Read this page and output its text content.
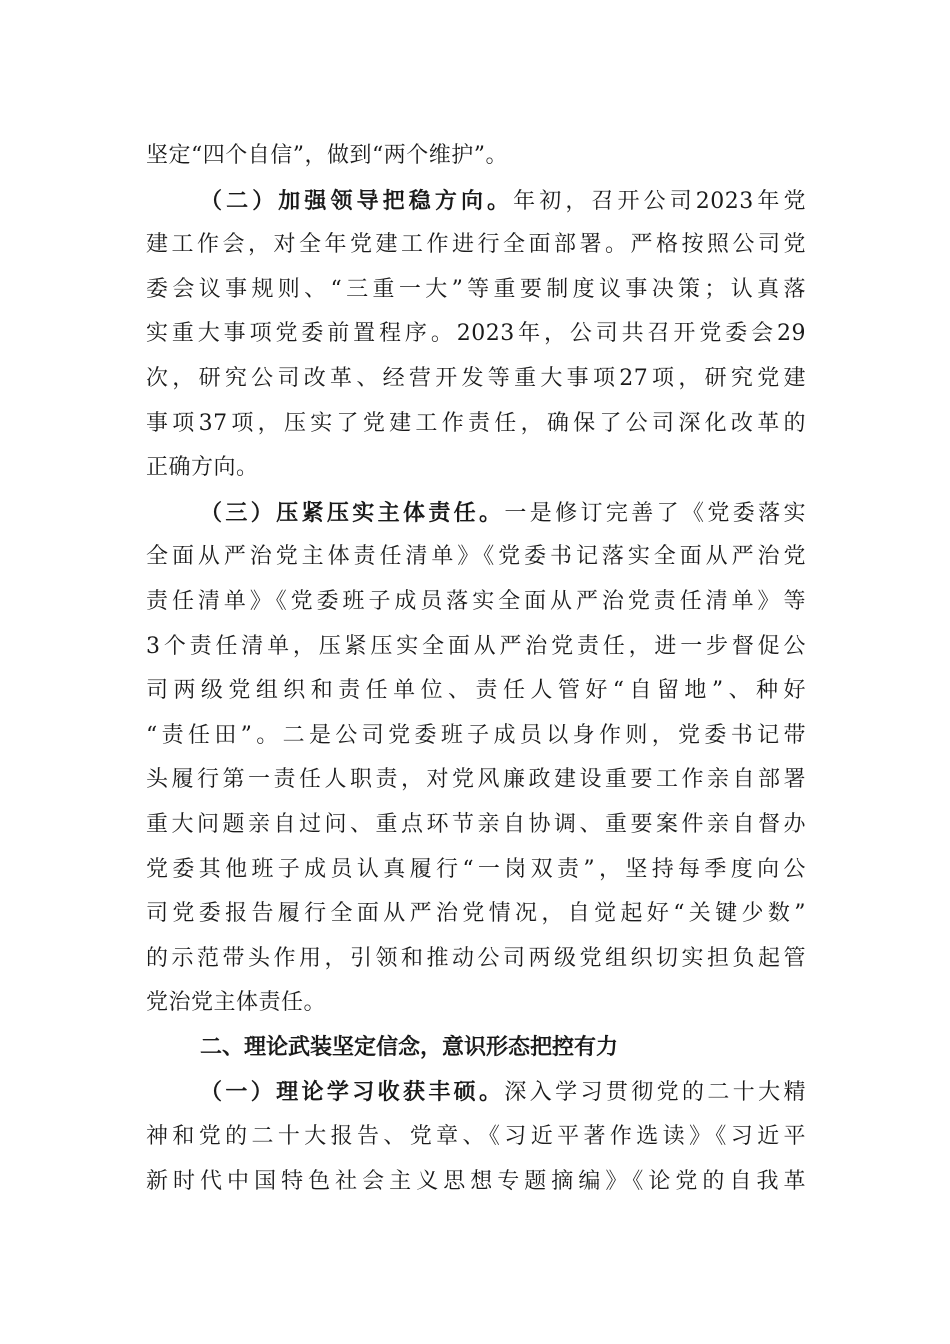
坚定“四个自信”，做到“两个维护”。
（二）加强领导把稳方向。年初，召开公司2023年党
建工作会，对全年党建工作进行全面部署。严格按照公司党
委会议事规则、“三重一大”等重要制度议事决策；认真落
实重大事项党委前置程序。2023年，公司共召开党委会29
次，研究公司改革、经营开发等重大事项27项，研究党建
事项37项，压实了党建工作责任，确保了公司深化改革的
正确方向。
（三）压紧压实主体责任。一是修订完善了《党委落实
全面从严治党主体责任清单》《党委书记落实全面从严治党
责任清单》《党委班子成员落实全面从严治党责任清单》等
3个责任清单，压紧压实全面从严治党责任，进一步督促公
司两级党组织和责任单位、责任人管好“自留地”、种好
“责任田”。二是公司党委班子成员以身作则，党委书记带
头履行第一责任人职责，对党风廉政建设重要工作亲自部署
重大问题亲自过问、重点环节亲自协调、重要案件亲自督办
党委其他班子成员认真履行“一岗双责”，坚持每季度向公
司党委报告履行全面从严治党情况，自觉起好“关键少数”
的示范带头作用，引领和推动公司两级党组织切实担负起管
党治党主体责任。
二、理论武装坚定信念，意识形态把控有力
（一）理论学习收获丰硕。深入学习贯彻党的二十大精
神和党的二十大报告、党章、《习近平著作选读》《习近平
新时代中国特色社会主义思想专题摘编》《论党的自我革
